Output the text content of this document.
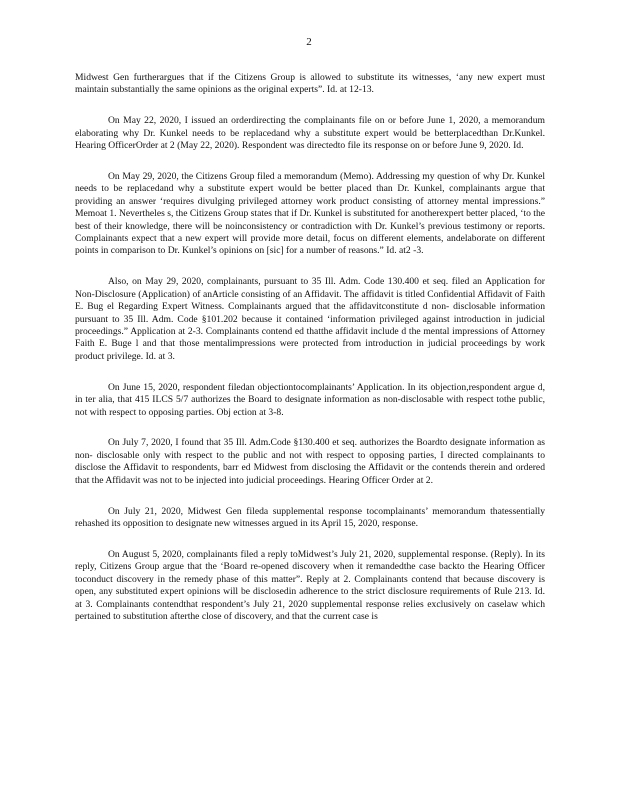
2

Midwest Gen furtherargues that if the Citizens Group is allowed to substitute its witnesses, ‘any new expert must maintain substantially the same opinions as the original experts”. Id. at 12-13.

On May 22, 2020, I issued an orderdirecting the complainants file on or before June 1, 2020, a memorandum elaborating why Dr. Kunkel needs to be replacedand why a substitute expert would be betterplacedthan Dr.Kunkel. Hearing OfficerOrder at 2 (May 22, 2020). Respondent was directedto file its response on or before June 9, 2020. Id.

On May 29, 2020, the Citizens Group filed a memorandum (Memo). Addressing my question of why Dr. Kunkel needs to be replacedand why a substitute expert would be better placed than Dr. Kunkel, complainants argue that providing an answer ‘requires divulging privileged attorney work product consisting of attorney mental impressions.” Memoat 1. Nevertheles s, the Citizens Group states that if Dr. Kunkel is substituted for anotherexpert better placed, ‘to the best of their knowledge, there will be noinconsistency or contradiction with Dr. Kunkel’s previous testimony or reports. Complainants expect that a new expert will provide more detail, focus on different elements, andelaborate on different points in comparison to Dr. Kunkel’s opinions on [sic] for a number of reasons.” Id. at2 -3.

Also, on May 29, 2020, complainants, pursuant to 35 Ill. Adm. Code 130.400 et seq. filed an Application for Non-Disclosure (Application) of anArticle consisting of an Affidavit. The affidavit is titled Confidential Affidavit of Faith E. Bug el Regarding Expert Witness. Complainants argued that the affidavitconstitute d non- disclosable information pursuant to 35 Ill. Adm. Code §101.202 because it contained ‘information privileged against introduction in judicial proceedings.” Application at 2-3. Complainants contend ed thatthe affidavit include d the mental impressions of Attorney Faith E. Buge l and that those mentalimpressions were protected from introduction in judicial proceedings by work product privilege. Id. at 3.

On June 15, 2020, respondent filedan objectiontocomplainants’ Application. In its objection,respondent argue d, in ter alia, that 415 ILCS 5/7 authorizes the Board to designate information as non-disclosable with respect tothe public, not with respect to opposing parties. Obj ection at 3-8.

On July 7, 2020, I found that 35 Ill. Adm.Code §130.400 et seq. authorizes the Boardto designate information as non- disclosable only with respect to the public and not with respect to opposing parties, I directed complainants to disclose the Affidavit to respondents, barr ed Midwest from disclosing the Affidavit or the contends therein and ordered that the Affidavit was not to be injected into judicial proceedings. Hearing Officer Order at 2.

On July 21, 2020, Midwest Gen fileda supplemental response tocomplainants’ memorandum thatessentially rehashed its opposition to designate new witnesses argued in its April 15, 2020, response.

On August 5, 2020, complainants filed a reply toMidwest’s July 21, 2020, supplemental response. (Reply). In its reply, Citizens Group argue that the ‘Board re-opened discovery when it remandedthe case backto the Hearing Officer toconduct discovery in the remedy phase of this matter”. Reply at 2. Complainants contend that because discovery is open, any substituted expert opinions will be disclosedin adherence to the strict disclosure requirements of Rule 213. Id. at 3. Complainants contendthat respondent’s July 21, 2020 supplemental response relies exclusively on caselaw which pertained to substitution afterthe close of discovery, and that the current case is
